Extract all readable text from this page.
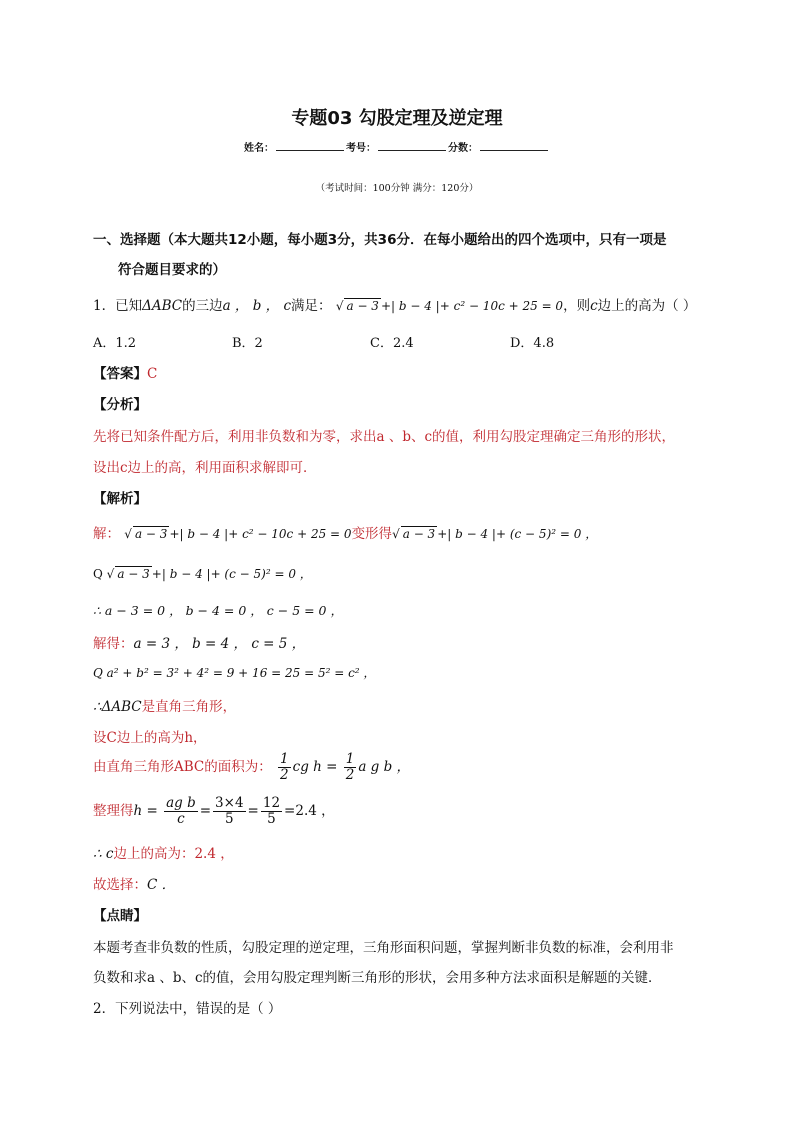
专题03 勾股定理及逆定理
姓名：	考号：	分数：
（考试时间：100分钟 满分：120分）
一、选择题（本大题共12小题，每小题3分，共36分．在每小题给出的四个选项中，只有一项是
符合题目要求的）
1．已知ΔABC的三边a ， b ， c满足： √ a − 3 +| b − 4 |+ c² − 10c + 25 = 0，则c边上的高为（ ）
A．1.2	B．2	C．2.4	D．4.8
【答案】C
【分析】
先将已知条件配方后，利用非负数和为零，求出a 、b、c的值，利用勾股定理确定三角形的形状，
设出c边上的高，利用面积求解即可．
【解析】
解： √ a − 3 +| b − 4 |+ c² − 10c + 25 = 0变形得√ a − 3 +| b − 4 |+ (c − 5)² = 0 ，
Q √ a − 3 +| b − 4 |+ (c − 5)² = 0 ，
∴ a − 3 = 0 ， b − 4 = 0 ， c − 5 = 0 ，
解得：a = 3 ， b = 4 ， c = 5 ，
Q a² + b² = 3² + 4² = 9 + 16 = 25 = 5² = c² ，
∴ΔABC是直角三角形，
设C边上的高为h，
由直角三角形ABC的面积为： $\frac{1}{2}$ cg $h = \frac{1}{2}$ a g b ，
整理得$h = \frac{\text{ag b}}{c} = \frac{3\times 4}{5} = \frac{12}{5} =2.4$ ，
∴ c边上的高为：2.4 ，
故选择：C ．
【点睛】
本题考查非负数的性质，勾股定理的逆定理，三角形面积问题，掌握判断非负数的标准，会利用非
负数和求a 、b、c的值，会用勾股定理判断三角形的形状，会用多种方法求面积是解题的关键．
2．下列说法中，错误的是（ ）
